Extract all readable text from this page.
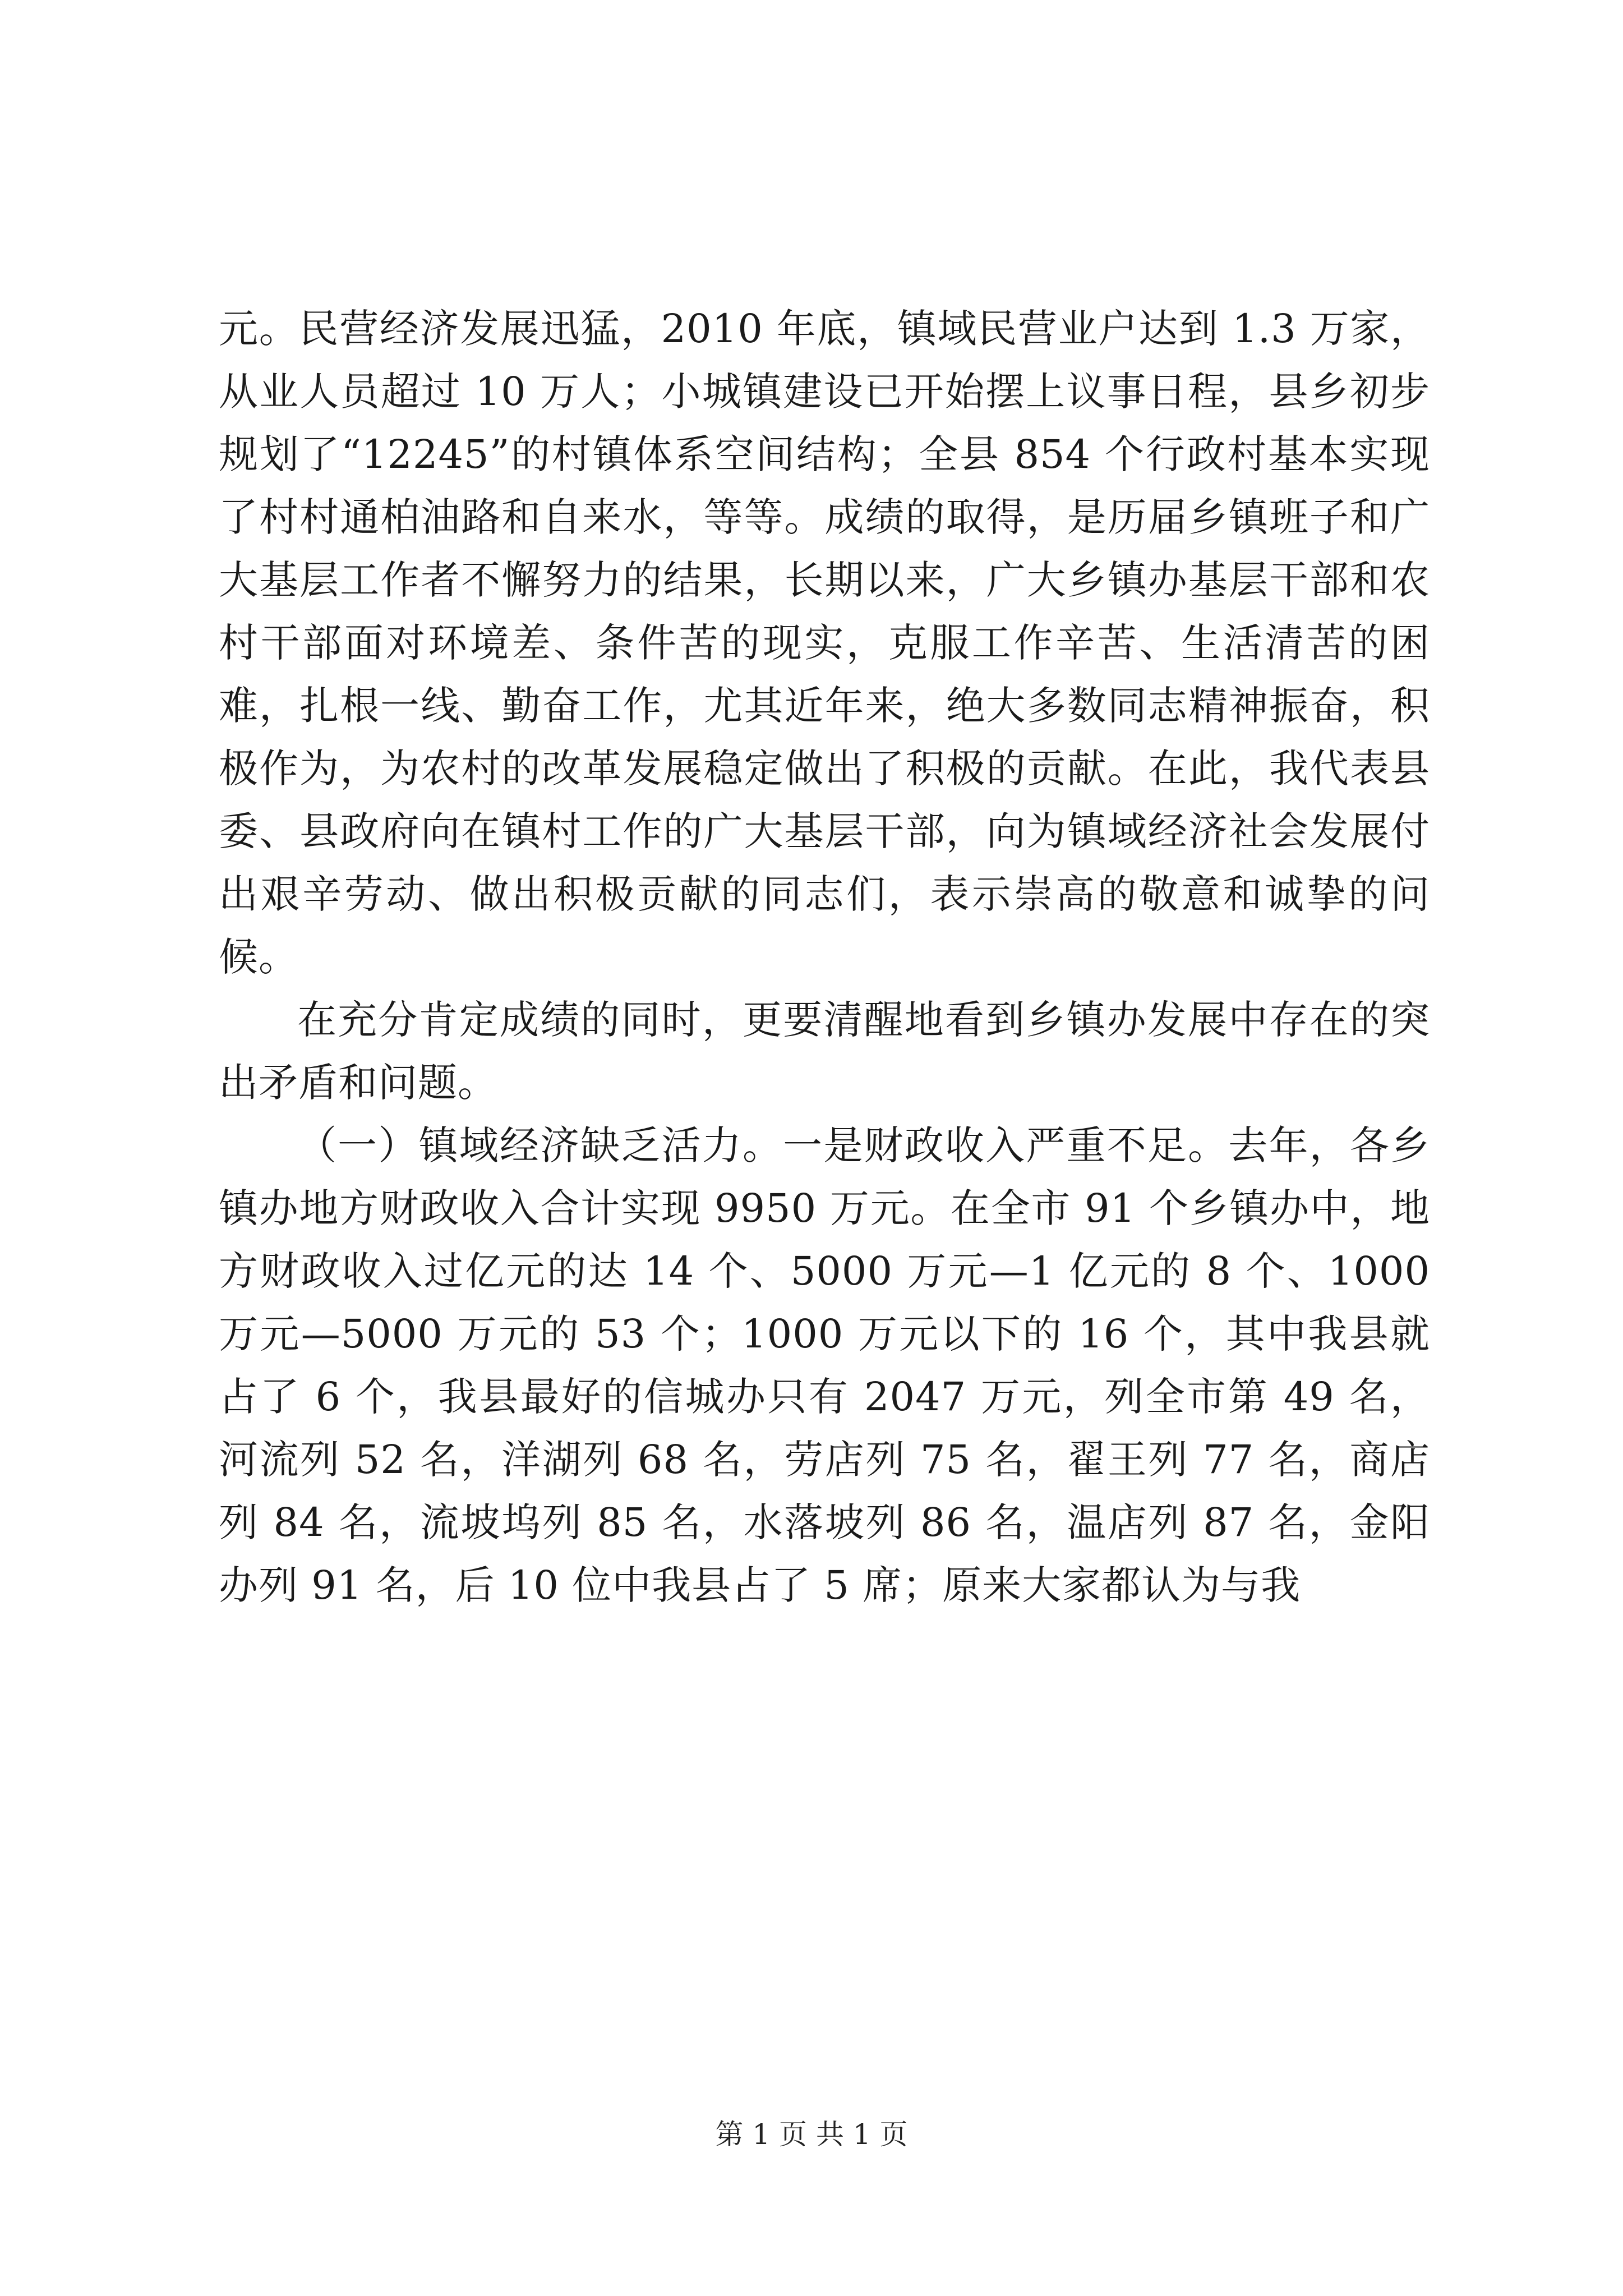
元。民营经济发展迅猛，2010 年底，镇域民营业户达到 1.3 万家，从业人员超过 10 万人；小城镇建设已开始摆上议事日程，县乡初步规划了“12245”的村镇体系空间结构；全县 854 个行政村基本实现了村村通柏油路和自来水，等等。成绩的取得，是历届乡镇班子和广大基层工作者不懈努力的结果，长期以来，广大乡镇办基层干部和农村干部面对环境差、条件苦的现实，克服工作辛苦、生活清苦的困难，扎根一线、勤奋工作，尤其近年来，绝大多数同志精神振奋，积极作为，为农村的改革发展稳定做出了积极的贡献。在此，我代表县委、县政府向在镇村工作的广大基层干部，向为镇域经济社会发展付出艰辛劳动、做出积极贡献的同志们，表示崇高的敬意和诚挚的问候。

在充分肯定成绩的同时，更要清醒地看到乡镇办发展中存在的突出矛盾和问题。

（一）镇域经济缺乏活力。一是财政收入严重不足。去年，各乡镇办地方财政收入合计实现 9950 万元。在全市 91 个乡镇办中，地方财政收入过亿元的达 14 个、5000 万元—1 亿元的 8 个、1000 万元—5000 万元的 53 个；1000 万元以下的 16 个，其中我县就占了 6 个，我县最好的信城办只有 2047 万元，列全市第 49 名，河流列 52 名，洋湖列 68 名，劳店列 75 名，翟王列 77 名，商店列 84 名，流坡坞列 85 名，水落坡列 86 名，温店列 87 名，金阳办列 91 名，后 10 位中我县占了 5 席；原来大家都认为与我

第 1 页 共 1 页
